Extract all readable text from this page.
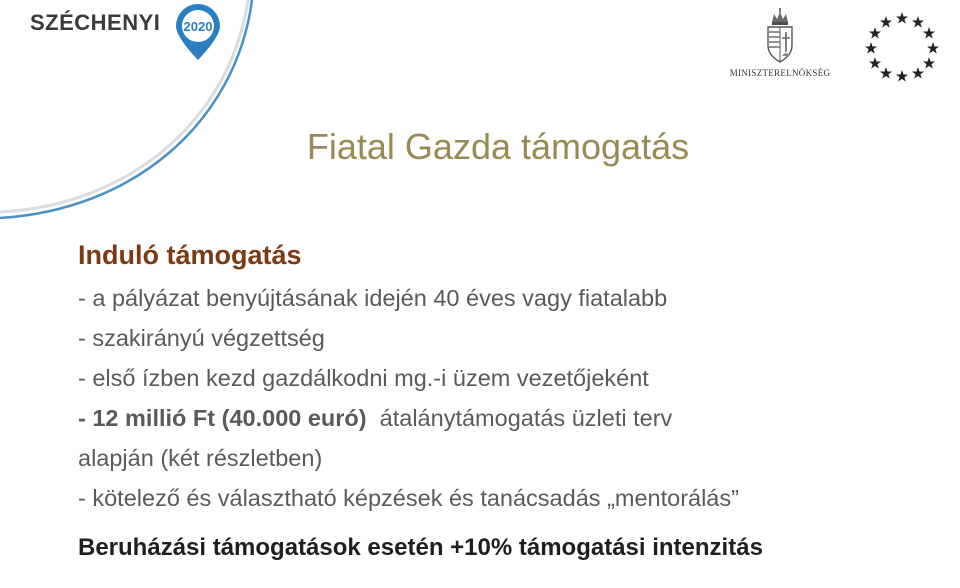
SZÉCHENYI 2020
MINISZTERELNÖKSÉG
Fiatal Gazda támogatás
Induló támogatás
- a pályázat benyújtásának idején 40 éves vagy fiatalabb
- szakirányú végzettség
- első ízben kezd gazdálkodni mg.-i üzem vezetőjeként
- 12 millió Ft (40.000 euró)  átalánytámogatás üzleti terv
alapján (két részletben)
- kötelező és választható képzések és tanácsadás „mentorálás”
Beruházási támogatások esetén +10% támogatási intenzitás
